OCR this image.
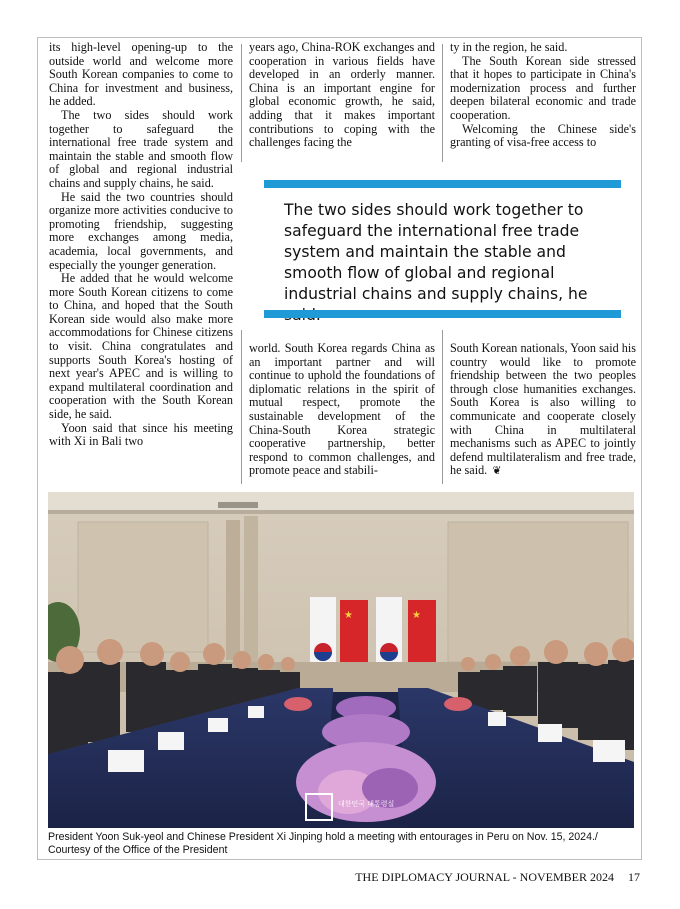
its high-level opening-up to the outside world and welcome more South Korean companies to come to China for investment and business, he added.

The two sides should work together to safeguard the international free trade system and maintain the stable and smooth flow of global and regional industrial chains and supply chains, he said.

He said the two countries should organize more activities conducive to promoting friendship, suggesting more exchanges among media, academia, local governments, and especially the younger generation.

He added that he would welcome more South Korean citizens to come to China, and hoped that the South Korean side would also make more accommodations for Chinese citizens to visit. China congratulates and supports South Korea's hosting of next year's APEC and is willing to expand multilateral coordination and cooperation with the South Korean side, he said.

Yoon said that since his meeting with Xi in Bali two

years ago, China-ROK exchanges and cooperation in various fields have developed in an orderly manner. China is an important engine for global economic growth, he said, adding that it makes important contributions to coping with the challenges facing the

ty in the region, he said.

The South Korean side stressed that it hopes to participate in China's modernization process and further deepen bilateral economic and trade cooperation.

Welcoming the Chinese side's granting of visa-free access to

The two sides should work together to safeguard the international free trade system and maintain the stable and smooth flow of global and regional industrial chains and supply chains, he

world. South Korea regards China as an important partner and will continue to uphold the foundations of diplomatic relations in the spirit of mutual respect, promote the sustainable development of the China-South Korea strategic cooperative partnership, better respond to common challenges, and promote peace and stabili-

South Korean nationals, Yoon said his country would like to promote friendship between the two peoples through close humanities exchanges. South Korea is also willing to communicate and cooperate closely with China in multilateral mechanisms such as APEC to jointly defend multilateralism and free trade, he said. ❦

★	★
대한민국 대통령실
President Yoon Suk-yeol and Chinese President Xi Jinping hold a meeting with entourages in Peru on Nov. 15, 2024./ Courtesy of the Office of the President
THE DIPLOMACY JOURNAL - NOVEMBER 2024 17
